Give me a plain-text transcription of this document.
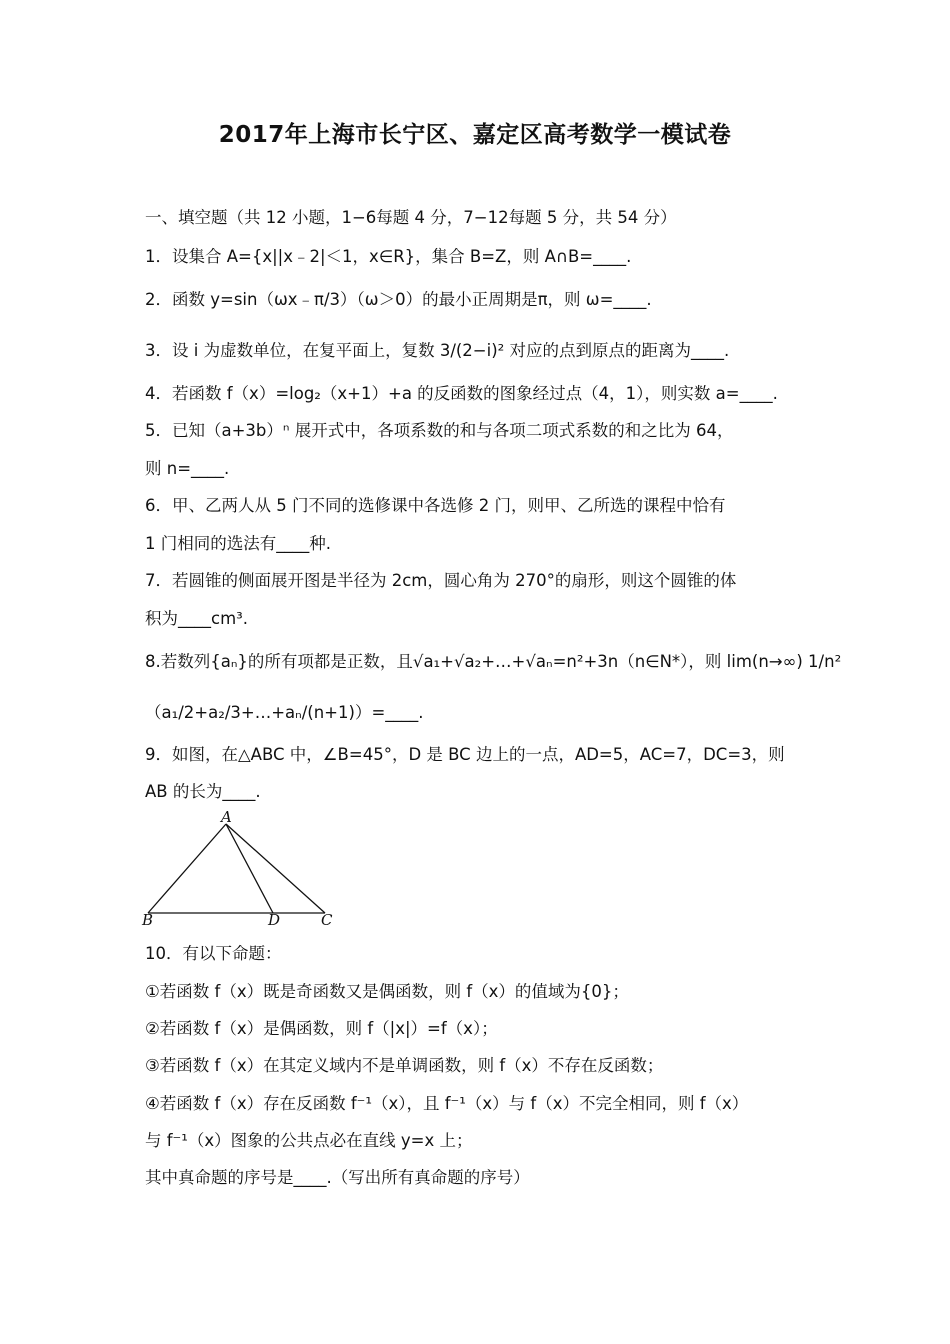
2017年上海市长宁区、嘉定区高考数学一模试卷
一、填空题（共 12 小题，1−6每题 4 分，7−12每题 5 分，共 54 分）
1．设集合 A={x||x﹣2|＜1，x∈R}，集合 B=Z，则 A∩B=____.
2．函数 y=sin（ωx﹣π/3）（ω＞0）的最小正周期是π，则 ω=____.
3．设 i 为虚数单位，在复平面上，复数 3/(2−i)² 对应的点到原点的距离为____.
4．若函数 f（x）=log₂（x+1）+a 的反函数的图象经过点（4，1），则实数 a=____.
5．已知（a+3b）ⁿ 展开式中，各项系数的和与各项二项式系数的和之比为 64，
则 n=____.
6．甲、乙两人从 5 门不同的选修课中各选修 2 门，则甲、乙所选的课程中恰有
1 门相同的选法有____种.
7．若圆锥的侧面展开图是半径为 2cm，圆心角为 270°的扇形，则这个圆锥的体
积为____cm³.
8.若数列{aₙ}的所有项都是正数，且√a₁+√a₂+…+√aₙ=n²+3n（n∈N*），则 lim(n→∞) 1/n²
（a₁/2+a₂/3+…+aₙ/(n+1)）=____.
9．如图，在△ABC 中，∠B=45°，D 是 BC 边上的一点，AD=5，AC=7，DC=3，则
AB 的长为____.
A
B	D	C
10．有以下命题：
①若函数 f（x）既是奇函数又是偶函数，则 f（x）的值域为{0}；
②若函数 f（x）是偶函数，则 f（|x|）=f（x）；
③若函数 f（x）在其定义域内不是单调函数，则 f（x）不存在反函数；
④若函数 f（x）存在反函数 f⁻¹（x），且 f⁻¹（x）与 f（x）不完全相同，则 f（x）
与 f⁻¹（x）图象的公共点必在直线 y=x 上；
其中真命题的序号是____.（写出所有真命题的序号）
